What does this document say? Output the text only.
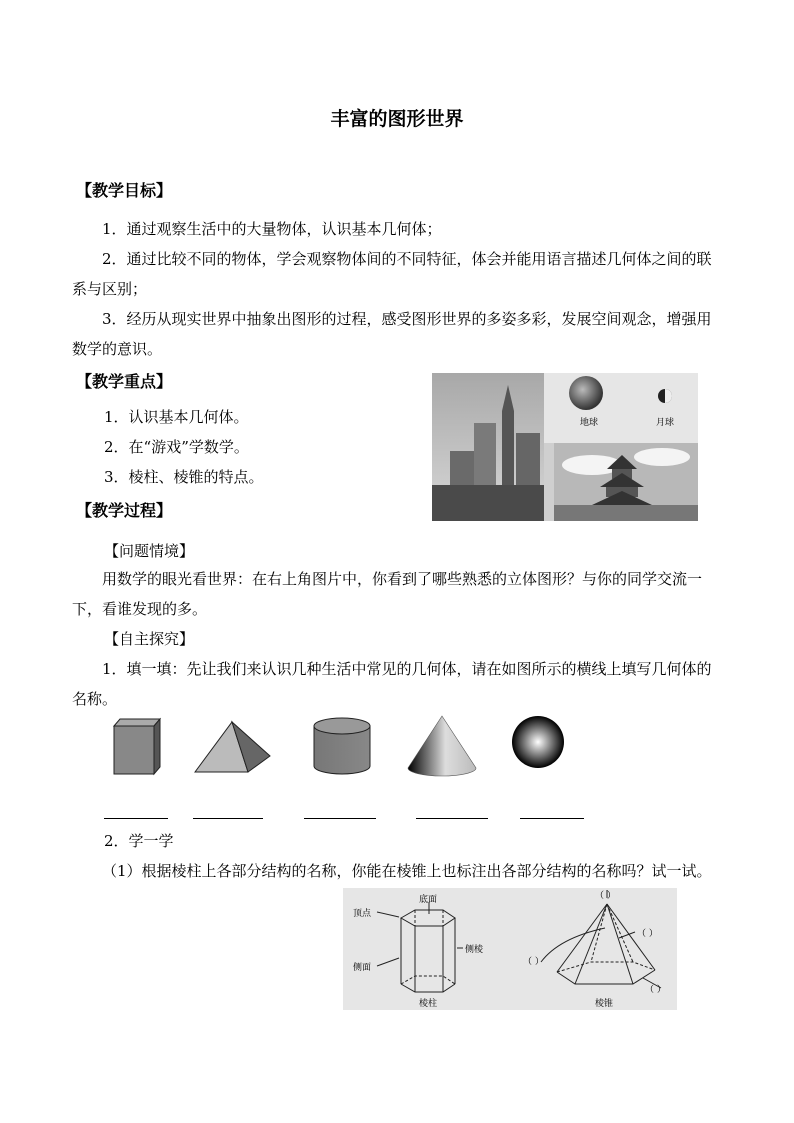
丰富的图形世界
【教学目标】
1．通过观察生活中的大量物体，认识基本几何体；
2．通过比较不同的物体，学会观察物体间的不同特征，体会并能用语言描述几何体之间的联系与区别；
3．经历从现实世界中抽象出图形的过程，感受图形世界的多姿多彩，发展空间观念，增强用数学的意识。
【教学重点】
1．认识基本几何体。
2．在“游戏”学数学。
3．棱柱、棱锥的特点。
地球	月球
【教学过程】
【问题情境】
用数学的眼光看世界：在右上角图片中，你看到了哪些熟悉的立体图形？与你的同学交流一下，看谁发现的多。
【自主探究】
1．填一填：先让我们来认识几种生活中常见的几何体，请在如图所示的横线上填写几何体的名称。
2．学一学
（1）根据棱柱上各部分结构的名称，你能在棱锥上也标注出各部分结构的名称吗？试一试。
顶点
底面
侧棱
侧面
棱柱	棱锥
（ ）
（ ）
（ ）
（ ）
